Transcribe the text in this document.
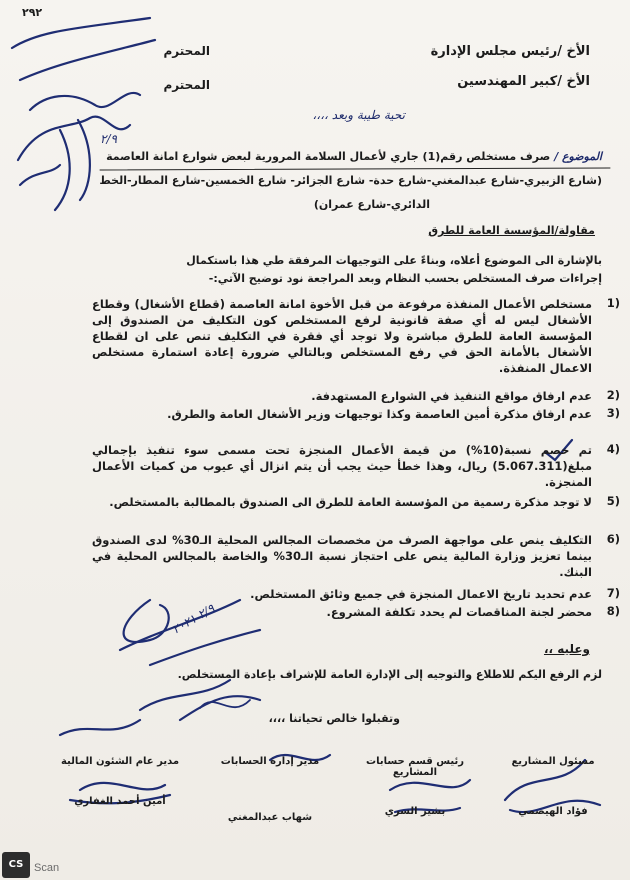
٢٩٢
الأخ /رئيس مجلس الإدارة
الأخ /كبير المهندسين
المحترم
المحترم
تحية طيبة وبعد ،،،،
الموضوع / صرف مستخلص رقم(1) جاري لأعمال السلامة المرورية لبعض شوارع امانة العاصمة
(شارع الزبيري-شارع عبدالمغني-شارع حدة- شارع الجزائر- شارع الخمسين-شارع المطار-الخط
الدائري-شارع عمران)
مقاولة/المؤسسة العامة للطرق
بالإشارة الى الموضوع أعلاه، وبناءً على التوجيهات المرفقة طي هذا باستكمال
إجراءات صرف المستخلص بحسب النظام وبعد المراجعة نود توضيح الآتي:-
1)
مستخلص الأعمال المنفذة مرفوعة من قبل الأخوة امانة العاصمة (قطاع الأشغال) وقطاع الأشغال ليس له أي صفة قانونية لرفع المستخلص كون التكليف من الصندوق إلى المؤسسة العامة للطرق مباشرة ولا توجد أي فقرة في التكليف تنص على ان لقطاع الأشغال بالأمانة الحق في رفع المستخلص وبالتالي ضرورة إعادة استمارة مستخلص الاعمال المنفذة.
2)
عدم ارفاق مواقع التنفيذ في الشوارع المستهدفة.
3)
عدم ارفاق مذكرة أمين العاصمة وكذا توجيهات وزير الأشغال العامة والطرق.
4)
تم خصم نسبة(10%) من قيمة الأعمال المنجزة تحت مسمى سوء تنفيذ بإجمالي مبلغ(5.067.311) ريال، وهذا خطأ حيث يجب أن يتم انزال أي عيوب من كميات الأعمال المنجزة.
5)
لا توجد مذكرة رسمية من المؤسسة العامة للطرق الى الصندوق بالمطالبة بالمستخلص.
6)
التكليف ينص على مواجهة الصرف من مخصصات المجالس المحلية الـ30% لدى الصندوق بينما تعزيز وزارة المالية ينص على احتجاز نسبة الـ30% والخاصة بالمجالس المحلية في البنك.
7)
عدم تحديد تاريخ الاعمال المنجزة في جميع وثائق المستخلص.
8)
محضر لجنة المناقصات لم يحدد تكلفة المشروع.
وعليه ،،
لزم الرفع اليكم للاطلاع والتوجيه إلى الإدارة العامة للإشراف بإعادة المستخلص.
وتقبلوا خالص تحياتنا ،،،،
مسئول المشاريع
فؤاد الهيصمي
رئيس قسم حسابات المشاريع
بشير السري
مدير إدارة الحسابات
شهاب عبدالمغني
مدير عام الشئون المالية
أمين أحمد الغفاري
٢/٩
٢/٩ ٢٠٢١
CS Scan
